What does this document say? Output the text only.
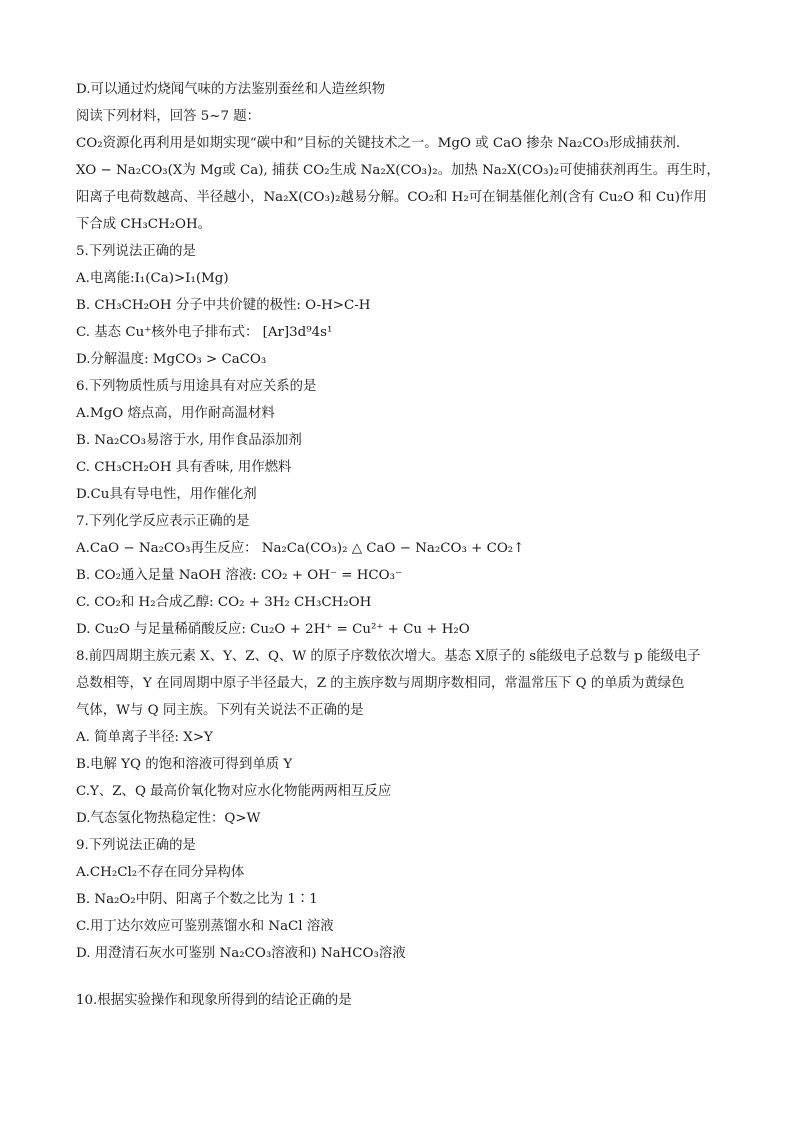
D.可以通过灼烧闻气味的方法鉴别蚕丝和人造丝织物
阅读下列材料，回答 5~7 题：
CO₂资源化再利用是如期实现“碳中和”目标的关键技术之一。MgO 或 CaO 掺杂 Na₂CO₃形成捕获剂.
XO − Na₂CO₃(X为 Mg或 Ca), 捕获 CO₂生成 Na₂X(CO₃)₂。加热 Na₂X(CO₃)₂可使捕获剂再生。再生时，
阳离子电荷数越高、半径越小，Na₂X(CO₃)₂越易分解。CO₂和 H₂可在铜基催化剂(含有 Cu₂O 和 Cu)作用
下合成 CH₃CH₂OH。
5.下列说法正确的是
A.电离能:I₁(Ca)>I₁(Mg)
B. CH₃CH₂OH 分子中共价键的极性: O-H>C-H
C. 基态 Cu⁺核外电子排布式： [Ar]3d⁹4s¹
D.分解温度: MgCO₃ > CaCO₃
6.下列物质性质与用途具有对应关系的是
A.MgO 熔点高，用作耐高温材料
B. Na₂CO₃易溶于水, 用作食品添加剂
C. CH₃CH₂OH 具有香味, 用作燃料
D.Cu具有导电性，用作催化剂
7.下列化学反应表示正确的是
A.CaO − Na₂CO₃再生反应： Na₂Ca(CO₃)₂ △ CaO − Na₂CO₃ + CO₂↑
B. CO₂通入足量 NaOH 溶液: CO₂ + OH⁻ = HCO₃⁻
C. CO₂和 H₂合成乙醇: CO₂ + 3H₂ CH₃CH₂OH
D. Cu₂O 与足量稀硝酸反应: Cu₂O + 2H⁺ = Cu²⁺ + Cu + H₂O
8.前四周期主族元素 X、Y、Z、Q、W 的原子序数依次增大。基态 X原子的 s能级电子总数与 p 能级电子
总数相等，Y 在同周期中原子半径最大，Z 的主族序数与周期序数相同，常温常压下 Q 的单质为黄绿色
气体，W与 Q 同主族。下列有关说法不正确的是
A. 简单离子半径: X>Y
B.电解 YQ 的饱和溶液可得到单质 Y
C.Y、Z、Q 最高价氧化物对应水化物能两两相互反应
D.气态氢化物热稳定性：Q>W
9.下列说法正确的是
A.CH₂Cl₂不存在同分异构体
B. Na₂O₂中阴、阳离子个数之比为 1∶1
C.用丁达尔效应可鉴别蒸馏水和 NaCl 溶液
D. 用澄清石灰水可鉴别 Na₂CO₃溶液和) NaHCO₃溶液
10.根据实验操作和现象所得到的结论正确的是
